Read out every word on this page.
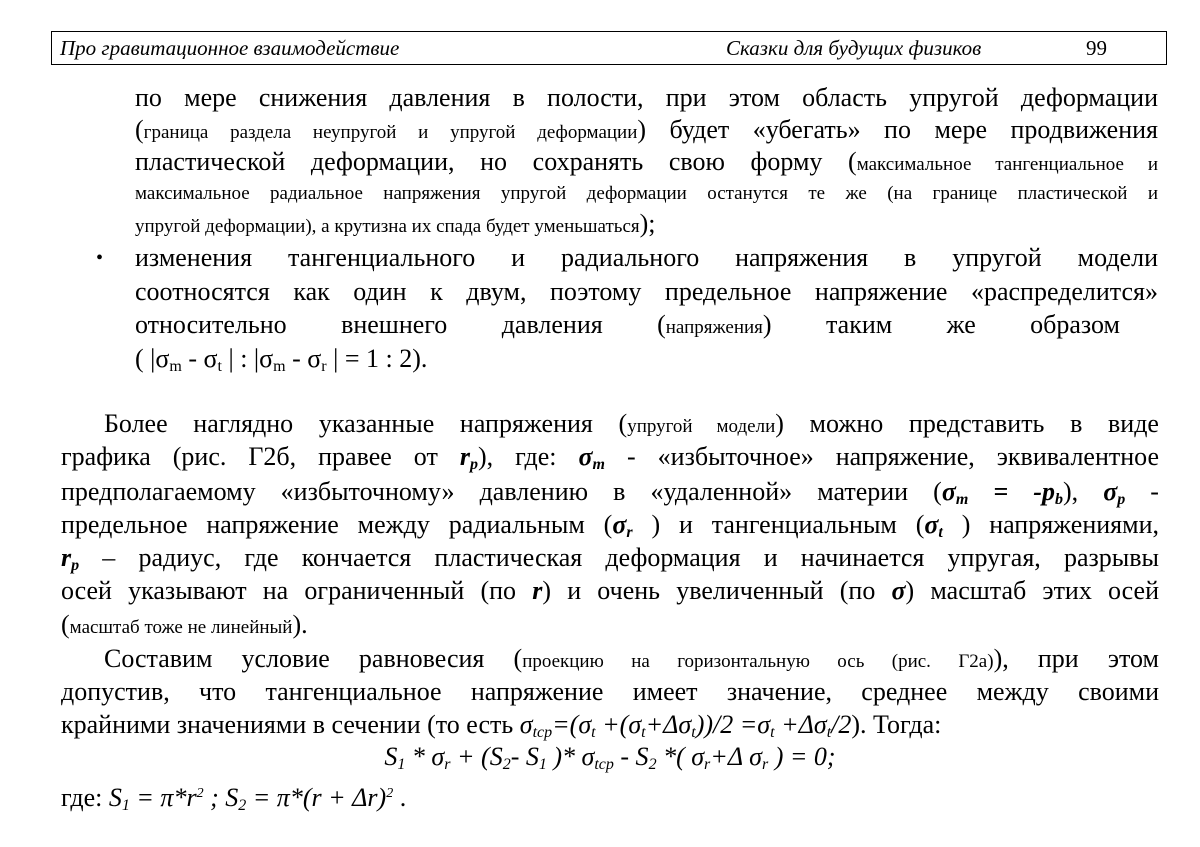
Про гравитационное взаимодействие	Сказки для будущих физиков	99
по мере снижения давления в полости, при этом область упругой деформации
(граница раздела неупругой и упругой деформации) будет «убегать» по мере продвижения
пластической деформации, но сохранять свою форму (максимальное тангенциальное и
максимальное радиальное напряжения упругой деформации останутся те же (на границе пластической и
упругой деформации), а крутизна их спада будет уменьшаться);
• изменения тангенциального и радиального напряжения в упругой модели
соотносятся как один к двум, поэтому предельное напряжение «распределится»
относительно внешнего давления (напряжения) таким же образом
( $|\sigma_m - \sigma_t$ | : $|\sigma_m - \sigma_r$ | = 1 : 2).
Более наглядно указанные напряжения (упругой модели) можно представить в виде
графика (рис. Г2б, правее от $r_p$), где: $\sigma_m$ - «избыточное» напряжение, эквивалентное
предполагаемому «избыточному» давлению в «удаленной» материи $(\sigma_m = -p_b)$, $\sigma_p$ -
предельное напряжение между радиальным ($\sigma_r$ ) и тангенциальным ($\sigma_t$ ) напряжениями,
$r_p$ – радиус, где кончается пластическая деформация и начинается упругая, разрывы
осей указывают на ограниченный (по r) и очень увеличенный (по σ) масштаб этих осей
(масштаб тоже не линейный).
Составим условие равновесия (проекцию на горизонтальную ось (рис. Г2а)), при этом
допустив, что тангенциальное напряжение имеет значение, среднее между своими
крайними значениями в сечении (то есть $\sigma_{tcp}=(\sigma_t +(\sigma_t+\Delta\sigma_t))/2 =\sigma_t +\Delta\sigma_t/2$). Тогда:
$S_1 * \sigma_r + (S_2-$ $S_1$ )* $\sigma_{tcp} - S_2$ *( $\sigma_r+\Delta$ $\sigma_r$ ) = 0;
где: $S_1 = \pi*r^2$ ; $S_2 = \pi*(r + \Delta r)^2$ .
